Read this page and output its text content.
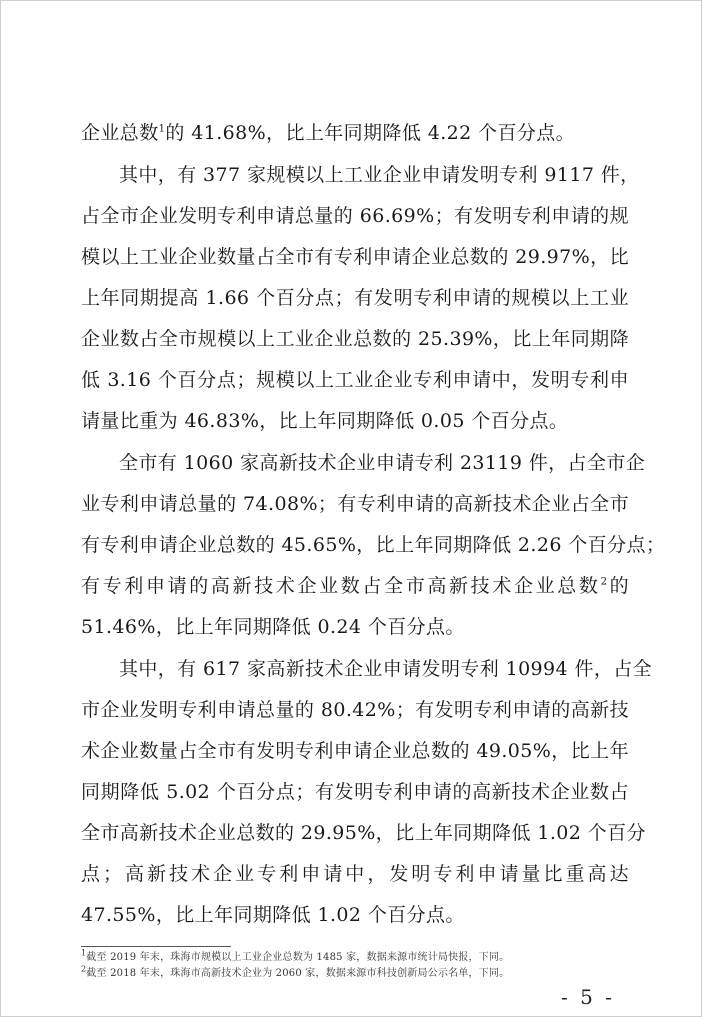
企业总数$^1$的 41.68%，比上年同期降低 4.22 个百分点。
其中，有 377 家规模以上工业企业申请发明专利 9117 件，
占全市企业发明专利申请总量的 66.69%；有发明专利申请的规
模以上工业企业数量占全市有专利申请企业总数的 29.97%，比
上年同期提高 1.66 个百分点；有发明专利申请的规模以上工业
企业数占全市规模以上工业企业总数的 25.39%，比上年同期降
低 3.16 个百分点；规模以上工业企业专利申请中，发明专利申
请量比重为 46.83%，比上年同期降低 0.05 个百分点。
全市有 1060 家高新技术企业申请专利 23119 件，占全市企
业专利申请总量的 74.08%；有专利申请的高新技术企业占全市
有专利申请企业总数的 45.65%，比上年同期降低 2.26 个百分点；
有专利申请的高新技术企业数占全市高新技术企业总数$^2$的
51.46%，比上年同期降低 0.24 个百分点。
其中，有 617 家高新技术企业申请发明专利 10994 件，占全
市企业发明专利申请总量的 80.42%；有发明专利申请的高新技
术企业数量占全市有发明专利申请企业总数的 49.05%，比上年
同期降低 5.02 个百分点；有发明专利申请的高新技术企业数占
全市高新技术企业总数的 29.95%，比上年同期降低 1.02 个百分
点；高新技术企业专利申请中，发明专利申请量比重高达
47.55%，比上年同期降低 1.02 个百分点。
$^1$截至 2019 年末，珠海市规模以上工业企业总数为 1485 家，数据来源市统计局快报，下同。
$^2$截至 2018 年末，珠海市高新技术企业为 2060 家，数据来源市科技创新局公示名单，下同。
- 5 -
